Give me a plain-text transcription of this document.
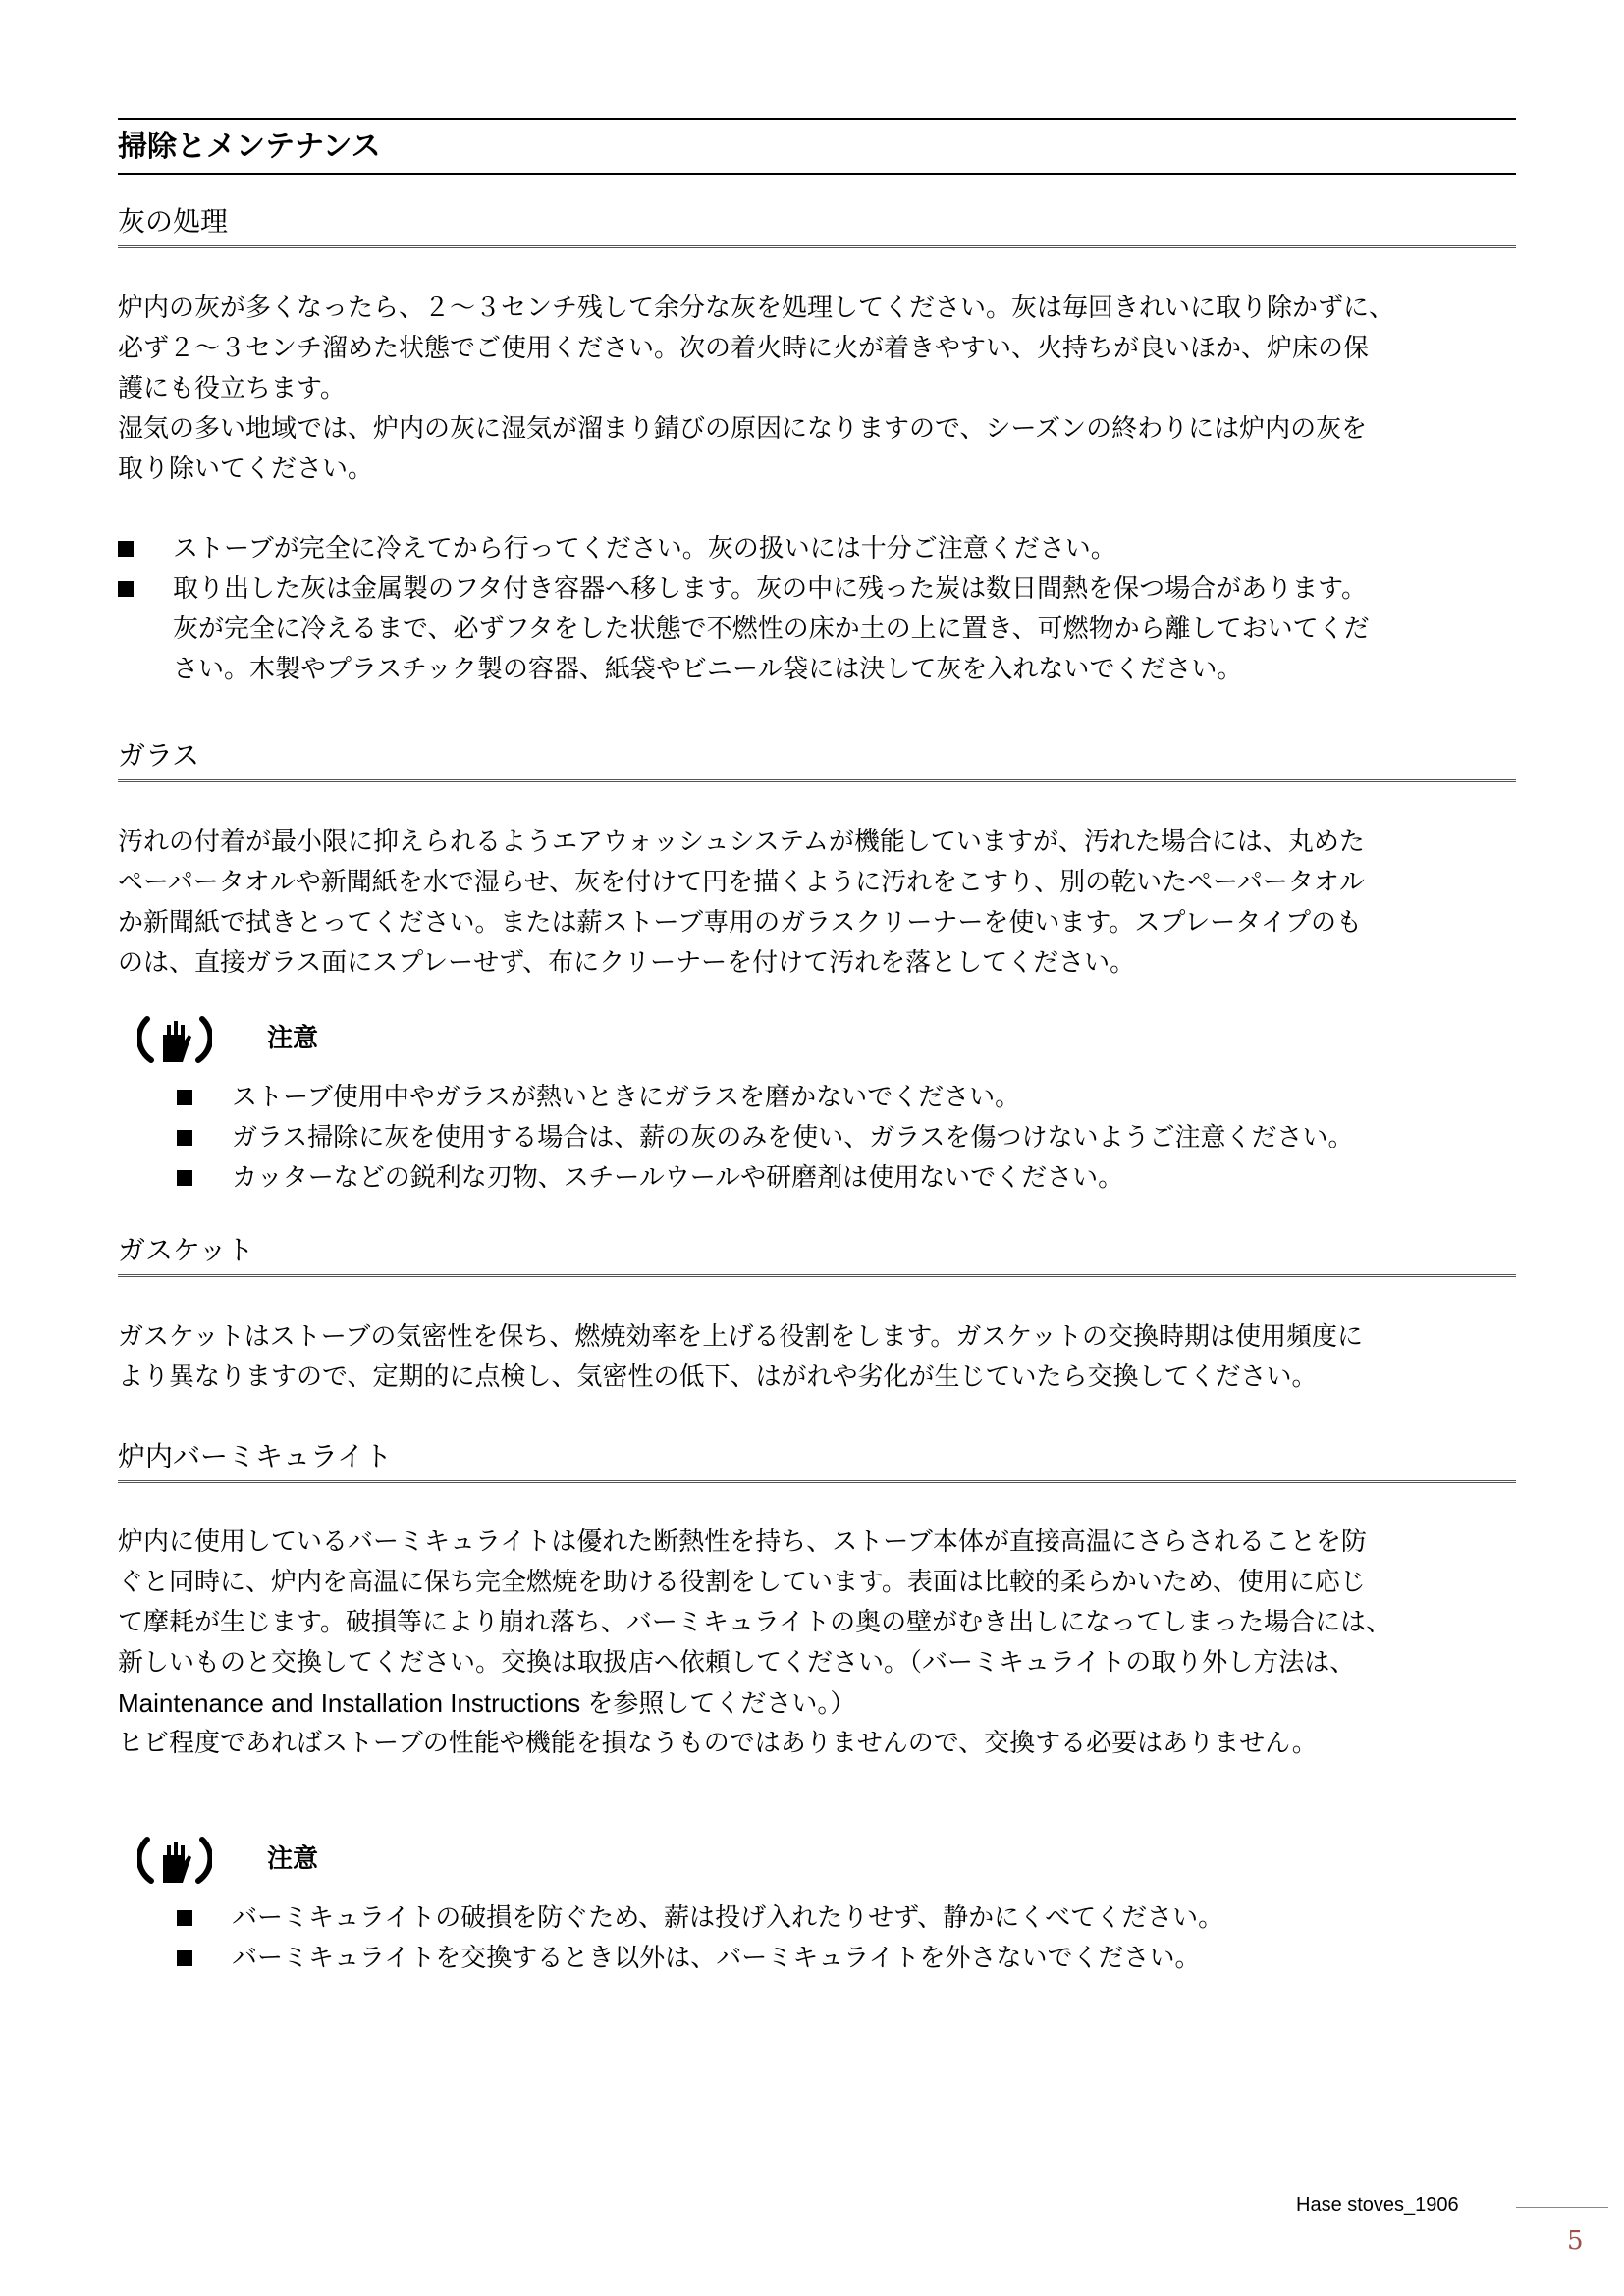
掃除とメンテナンス
灰の処理

炉内の灰が多くなったら、２～３センチ残して余分な灰を処理してください。灰は毎回きれいに取り除かずに、

必ず２～３センチ溜めた状態でご使用ください。次の着火時に火が着きやすい、火持ちが良いほか、炉床の保

護にも役立ちます。

湿気の多い地域では、炉内の灰に湿気が溜まり錆びの原因になりますので、シーズンの終わりには炉内の灰を

取り除いてください。

ストーブが完全に冷えてから行ってください。灰の扱いには十分ご注意ください。
取り出した灰は金属製のフタ付き容器へ移します。灰の中に残った炭は数日間熱を保つ場合があります。
灰が完全に冷えるまで、必ずフタをした状態で不燃性の床か土の上に置き、可燃物から離しておいてくだ
さい。木製やプラスチック製の容器、紙袋やビニール袋には決して灰を入れないでください。
ガラス

汚れの付着が最小限に抑えられるようエアウォッシュシステムが機能していますが、汚れた場合には、丸めた

ペーパータオルや新聞紙を水で湿らせ、灰を付けて円を描くように汚れをこすり、別の乾いたペーパータオル

か新聞紙で拭きとってください。または薪ストーブ専用のガラスクリーナーを使います。スプレータイプのも

のは、直接ガラス面にスプレーせず、布にクリーナーを付けて汚れを落としてください。

注意
ストーブ使用中やガラスが熱いときにガラスを磨かないでください。
ガラス掃除に灰を使用する場合は、薪の灰のみを使い、ガラスを傷つけないようご注意ください。
カッターなどの鋭利な刃物、スチールウールや研磨剤は使用ないでください。
ガスケット

ガスケットはストーブの気密性を保ち、燃焼効率を上げる役割をします。ガスケットの交換時期は使用頻度に

より異なりますので、定期的に点検し、気密性の低下、はがれや劣化が生じていたら交換してください。

炉内バーミキュライト

炉内に使用しているバーミキュライトは優れた断熱性を持ち、ストーブ本体が直接高温にさらされることを防

ぐと同時に、炉内を高温に保ち完全燃焼を助ける役割をしています。表面は比較的柔らかいため、使用に応じ

て摩耗が生じます。破損等により崩れ落ち、バーミキュライトの奥の壁がむき出しになってしまった場合には、

新しいものと交換してください。交換は取扱店へ依頼してください。（バーミキュライトの取り外し方法は、

Maintenance and Installation Instructions を参照してください。）

ヒビ程度であればストーブの性能や機能を損なうものではありませんので、交換する必要はありません。

注意
バーミキュライトの破損を防ぐため、薪は投げ入れたりせず、静かにくべてください。
バーミキュライトを交換するとき以外は、バーミキュライトを外さないでください。
Hase stoves_1906
5
